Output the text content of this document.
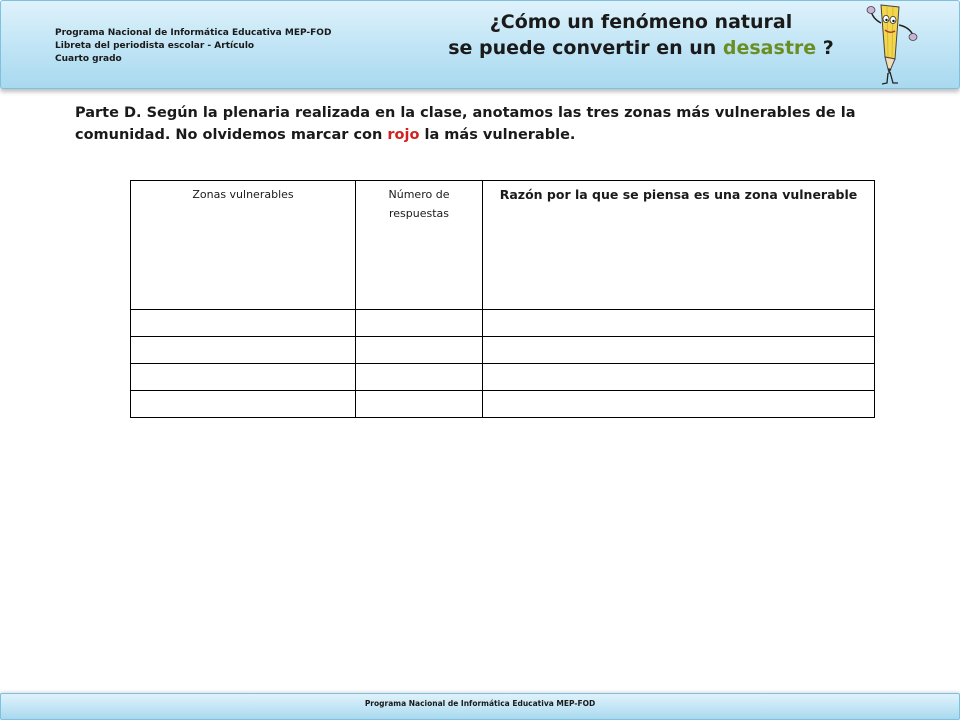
Programa Nacional de Informática Educativa MEP-FOD
Libreta del periodista escolar - Artículo
Cuarto grado
¿Cómo un fenómeno natural
se puede convertir en un desastre ?
Parte D. Según la plenaria realizada en la clase, anotamos las tres zonas más vulnerables de la comunidad. No olvidemos marcar con rojo la más vulnerable.
Zonas vulnerables	Número de respuestas	Razón por la que se piensa es una zona vulnerable

Programa Nacional de Informática Educativa MEP-FOD
